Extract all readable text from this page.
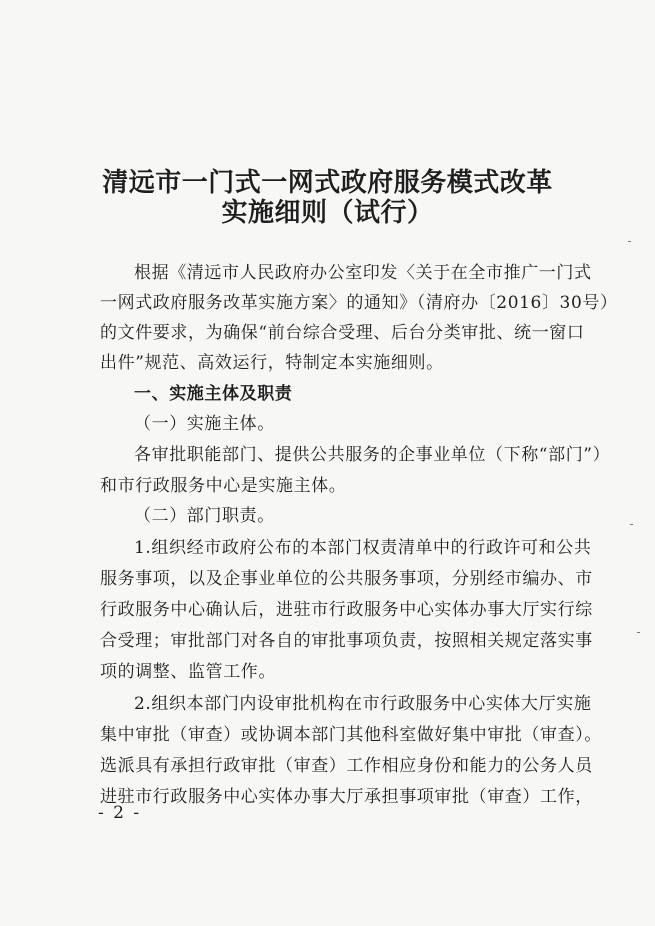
清远市一门式一网式政府服务模式改革
实施细则（试行）
根据《清远市人民政府办公室印发〈关于在全市推广一门式
一网式政府服务改革实施方案〉的通知》（清府办〔2016〕30号）
的文件要求，为确保“前台综合受理、后台分类审批、统一窗口
出件”规范、高效运行，特制定本实施细则。
一、实施主体及职责
（一）实施主体。
各审批职能部门、提供公共服务的企事业单位（下称“部门”）
和市行政服务中心是实施主体。
（二）部门职责。
1.组织经市政府公布的本部门权责清单中的行政许可和公共
服务事项，以及企事业单位的公共服务事项，分别经市编办、市
行政服务中心确认后，进驻市行政服务中心实体办事大厅实行综
合受理；审批部门对各自的审批事项负责，按照相关规定落实事
项的调整、监管工作。
2.组织本部门内设审批机构在市行政服务中心实体大厅实施
集中审批（审查）或协调本部门其他科室做好集中审批（审查）。
选派具有承担行政审批（审查）工作相应身份和能力的公务人员
进驻市行政服务中心实体办事大厅承担事项审批（审查）工作，
- 2 -
